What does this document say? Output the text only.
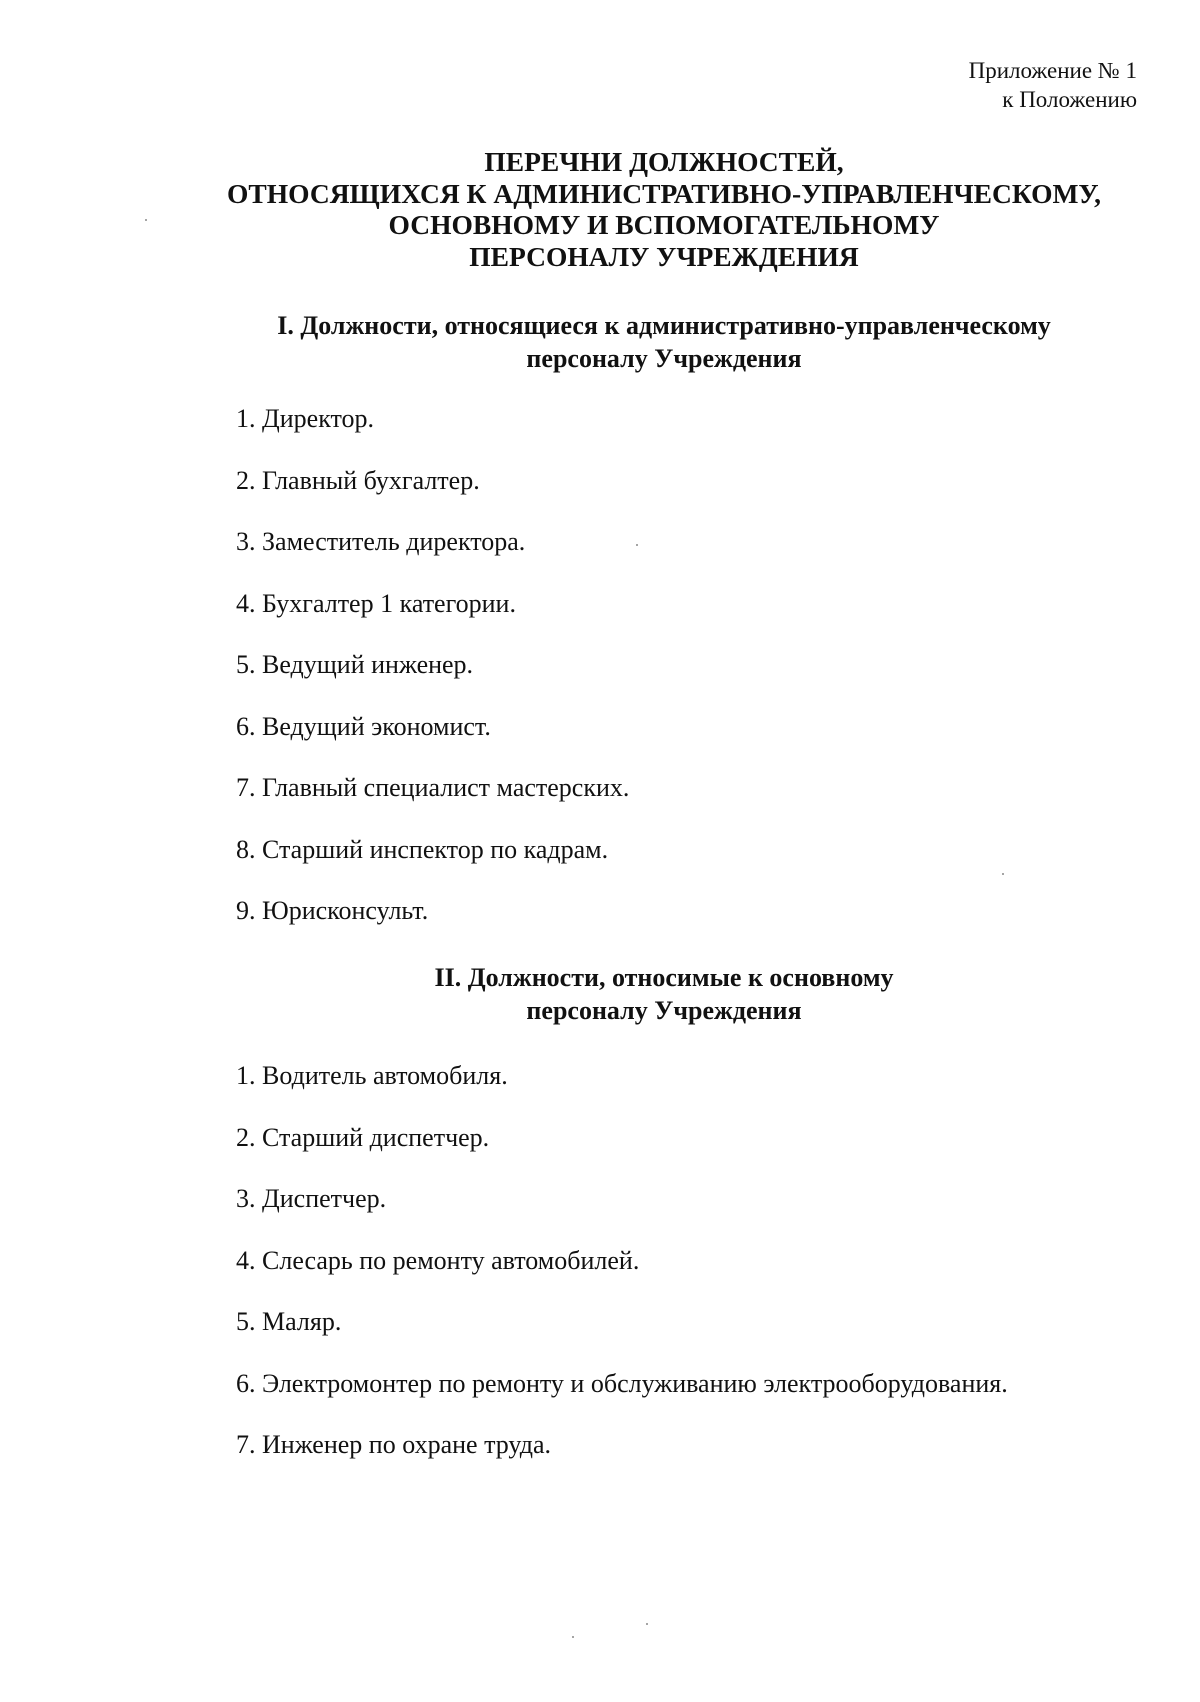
Приложение № 1
к Положению
ПЕРЕЧНИ ДОЛЖНОСТЕЙ,
ОТНОСЯЩИХСЯ К АДМИНИСТРАТИВНО-УПРАВЛЕНЧЕСКОМУ,
ОСНОВНОМУ И ВСПОМОГАТЕЛЬНОМУ
ПЕРСОНАЛУ УЧРЕЖДЕНИЯ
I. Должности, относящиеся к административно-управленческому
персоналу Учреждения
1. Директор.
2. Главный бухгалтер.
3. Заместитель директора.
4. Бухгалтер 1 категории.
5. Ведущий инженер.
6. Ведущий экономист.
7. Главный специалист мастерских.
8. Старший инспектор по кадрам.
9. Юрисконсульт.
II. Должности, относимые к основному
персоналу Учреждения
1. Водитель автомобиля.
2. Старший диспетчер.
3. Диспетчер.
4. Слесарь по ремонту автомобилей.
5. Маляр.
6. Электромонтер по ремонту и обслуживанию электрооборудования.
7. Инженер по охране труда.
